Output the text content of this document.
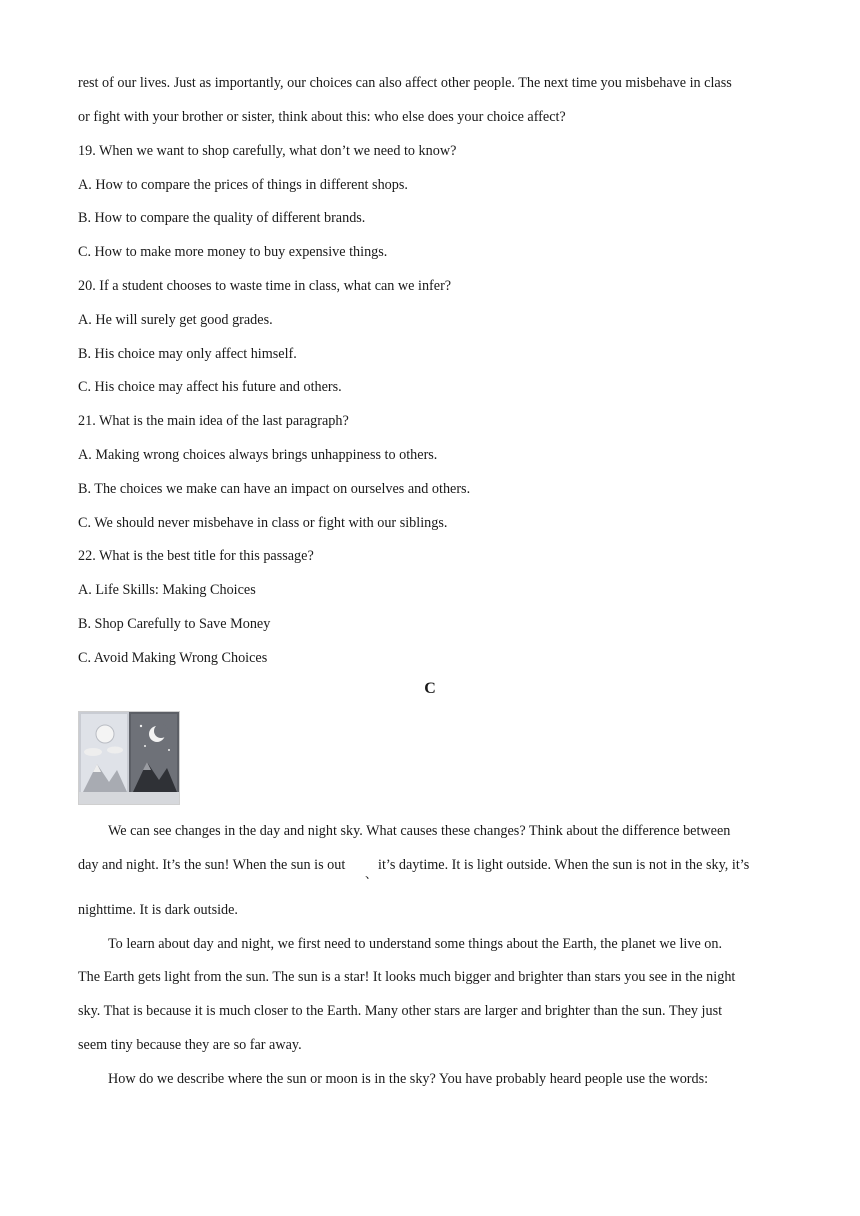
rest of our lives. Just as importantly, our choices can also affect other people. The next time you misbehave in class
or fight with your brother or sister, think about this: who else does your choice affect?
19. When we want to shop carefully, what don’t we need to know?
A. How to compare the prices of things in different shops.
B. How to compare the quality of different brands.
C. How to make more money to buy expensive things.
20. If a student chooses to waste time in class, what can we infer?
A. He will surely get good grades.
B. His choice may only affect himself.
C. His choice may affect his future and others.
21. What is the main idea of the last paragraph?
A. Making wrong choices always brings unhappiness to others.
B. The choices we make can have an impact on ourselves and others.
C. We should never misbehave in class or fight with our siblings.
22. What is the best title for this passage?
A. Life Skills: Making Choices
B. Shop Carefully to Save Money
C. Avoid Making Wrong Choices
C
We can see changes in the day and night sky. What causes these changes? Think about the difference between
day and night. It’s the sun! When the sun is out
、
it’s daytime. It is light outside. When the sun is not in the sky, it’s
nighttime. It is dark outside.
To learn about day and night, we first need to understand some things about the Earth, the planet we live on.
The Earth gets light from the sun. The sun is a star! It looks much bigger and brighter than stars you see in the night
sky. That is because it is much closer to the Earth. Many other stars are larger and brighter than the sun. They just
seem tiny because they are so far away.
How do we describe where the sun or moon is in the sky? You have probably heard people use the words:
